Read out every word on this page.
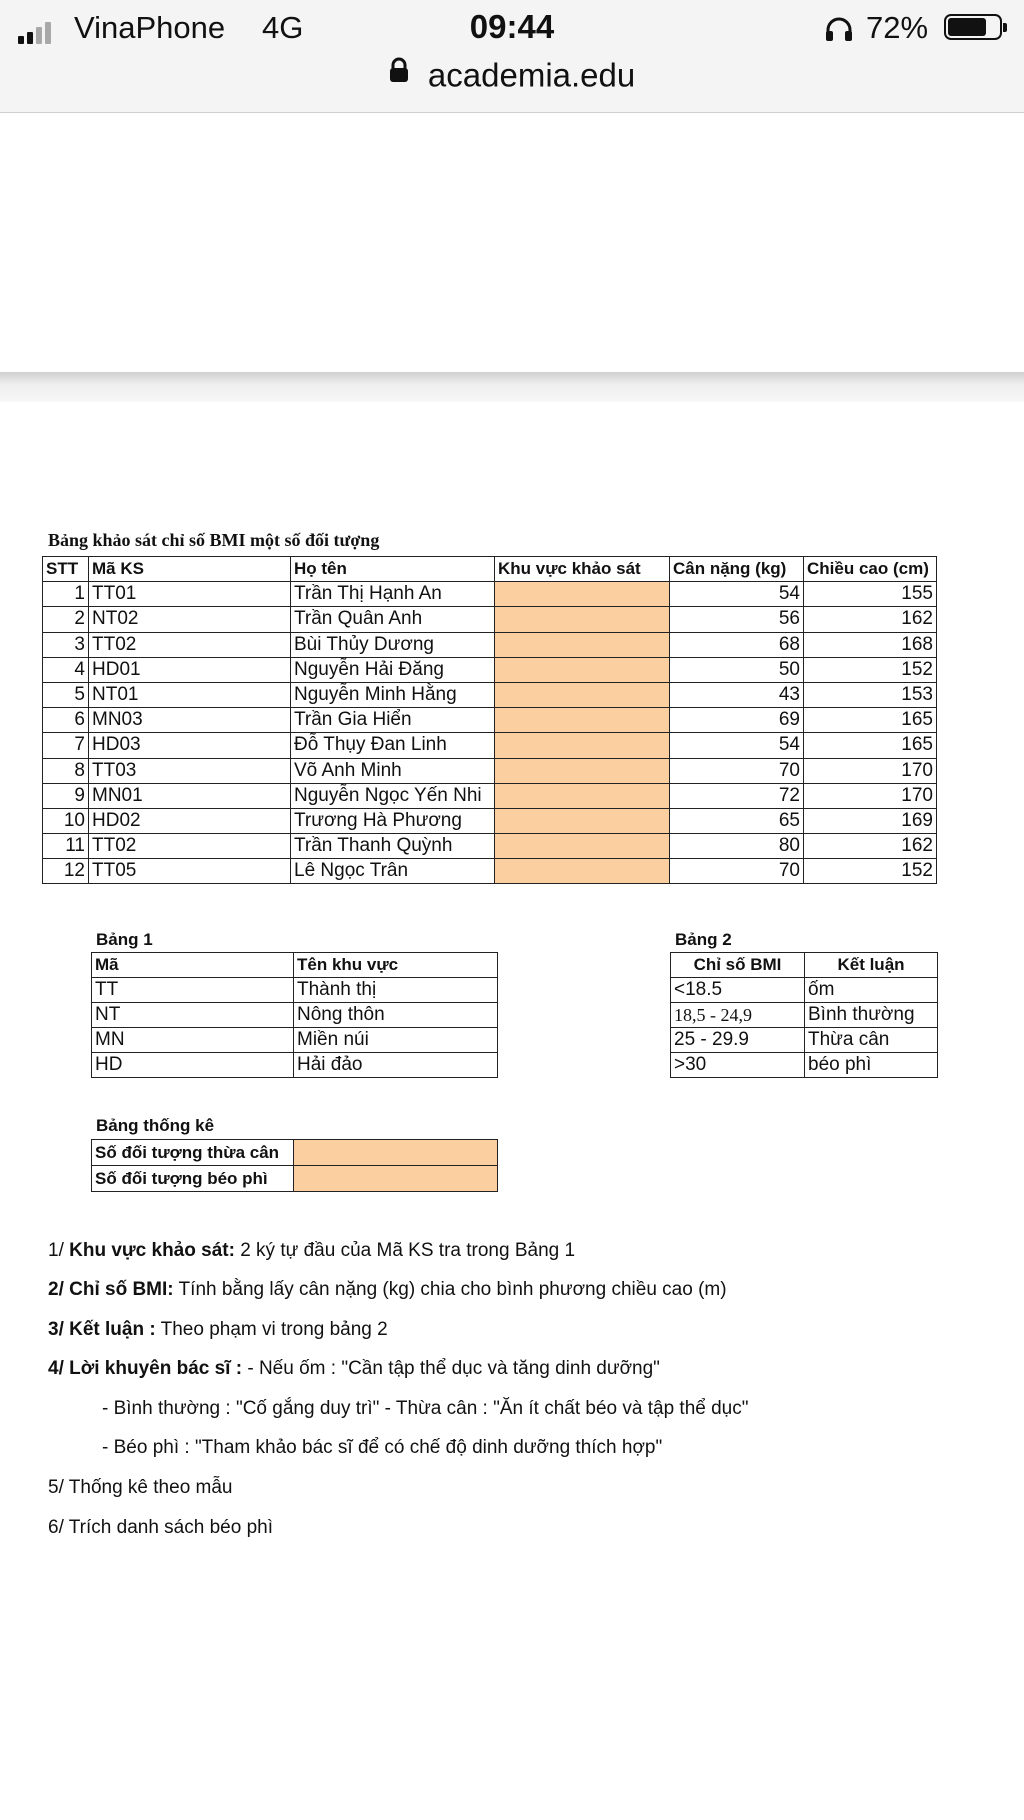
VinaPhone 4G	09:44	72%
academia.edu
Bảng khảo sát chỉ số BMI một số đối tượng
STT	Mã KS	Họ tên	Khu vực khảo sát	Cân nặng (kg)	Chiều cao (cm)
1	TT01	Trần Thị Hạnh An		54	155
2	NT02	Trần Quân Anh		56	162
3	TT02	Bùi Thủy Dương		68	168
4	HD01	Nguyễn Hải Đăng		50	152
5	NT01	Nguyễn Minh Hằng		43	153
6	MN03	Trần Gia Hiển		69	165
7	HD03	Đỗ Thụy Đan Linh		54	165
8	TT03	Võ Anh Minh		70	170
9	MN01	Nguyễn Ngọc Yến Nhi		72	170
10	HD02	Trương Hà Phương		65	169
11	TT02	Trần Thanh Quỳnh		80	162
12	TT05	Lê Ngọc Trân		70	152
Bảng 1
Mã	Tên khu vực
TT	Thành thị
NT	Nông thôn
MN	Miền núi
HD	Hải đảo
Bảng 2
Chỉ số BMI	Kết luận
<18.5	ốm
18,5 - 24,9	Bình thường
25 - 29.9	Thừa cân
>30	béo phì
Bảng thống kê
Số đối tượng thừa cân	
Số đối tượng béo phì	
1/ Khu vực khảo sát: 2 ký tự đầu của Mã KS tra trong Bảng 1
2/ Chỉ số BMI: Tính bằng lấy cân nặng (kg) chia cho bình phương chiều cao (m)
3/ Kết luận : Theo phạm vi trong bảng 2
4/ Lời khuyên bác sĩ : - Nếu ốm : "Cần tập thể dục và tăng dinh dưỡng"
- Bình thường : "Cố gắng duy trì" - Thừa cân : "Ăn ít chất béo và tập thể dục"
- Béo phì : "Tham khảo bác sĩ để có chế độ dinh dưỡng thích hợp"
5/ Thống kê theo mẫu
6/ Trích danh sách béo phì
